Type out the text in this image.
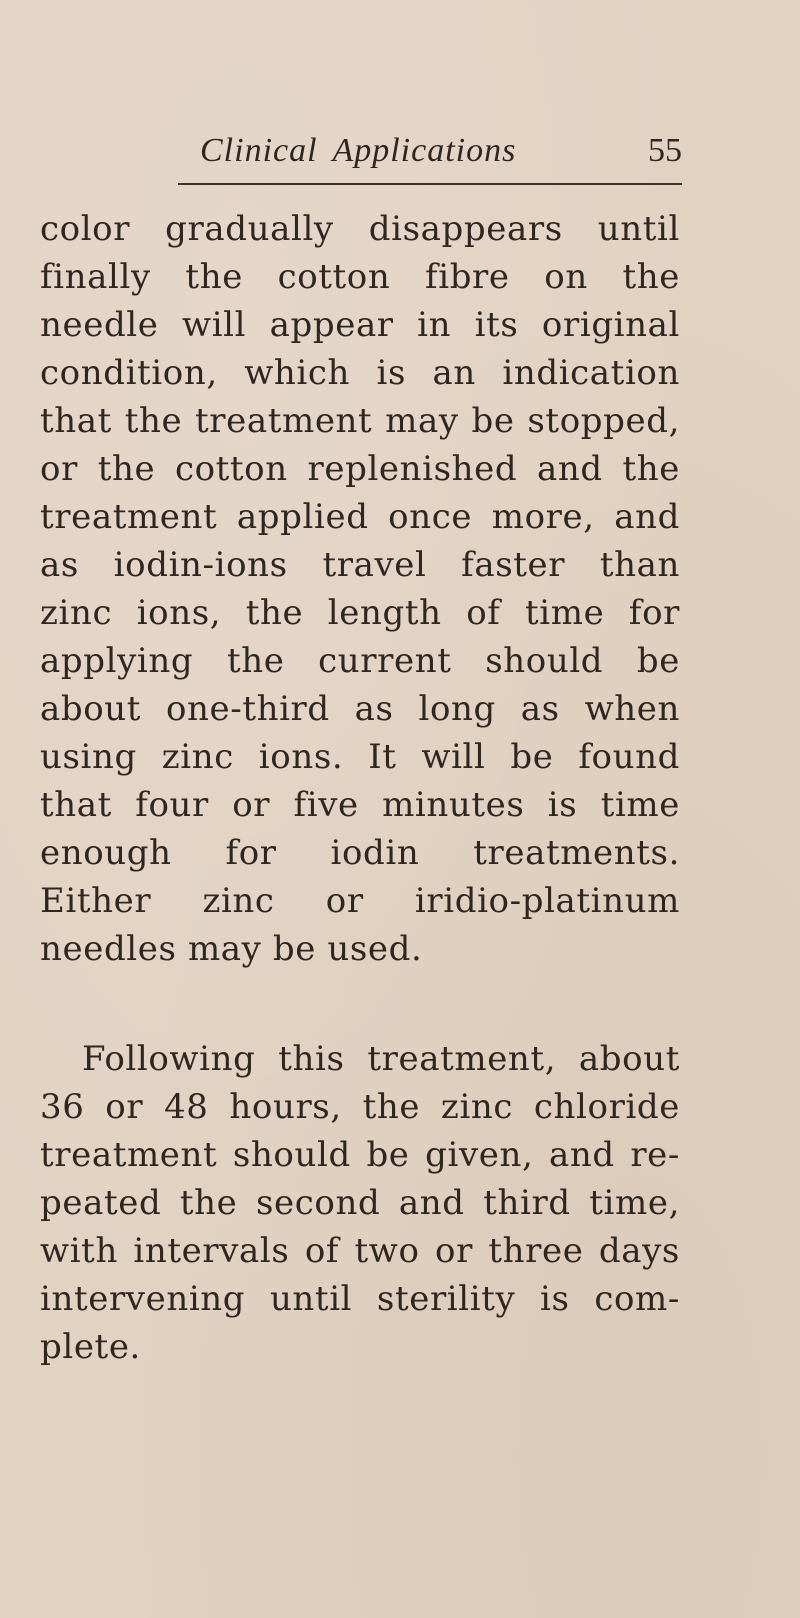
Clinical Applications	55
color gradually disappears until
finally the cotton fibre on the
needle will appear in its original
condition, which is an indication
that the treatment may be stopped,
or the cotton replenished and the
treatment applied once more, and
as iodin-ions travel faster than
zinc ions, the length of time for
applying the current should be
about one-third as long as when
using zinc ions. It will be found
that four or five minutes is time
enough for iodin treatments.
Either zinc or iridio-platinum
needles may be used.
Following this treatment, about
36 or 48 hours, the zinc chloride
treatment should be given, and re-
peated the second and third time,
with intervals of two or three days
intervening until sterility is com-
plete.
